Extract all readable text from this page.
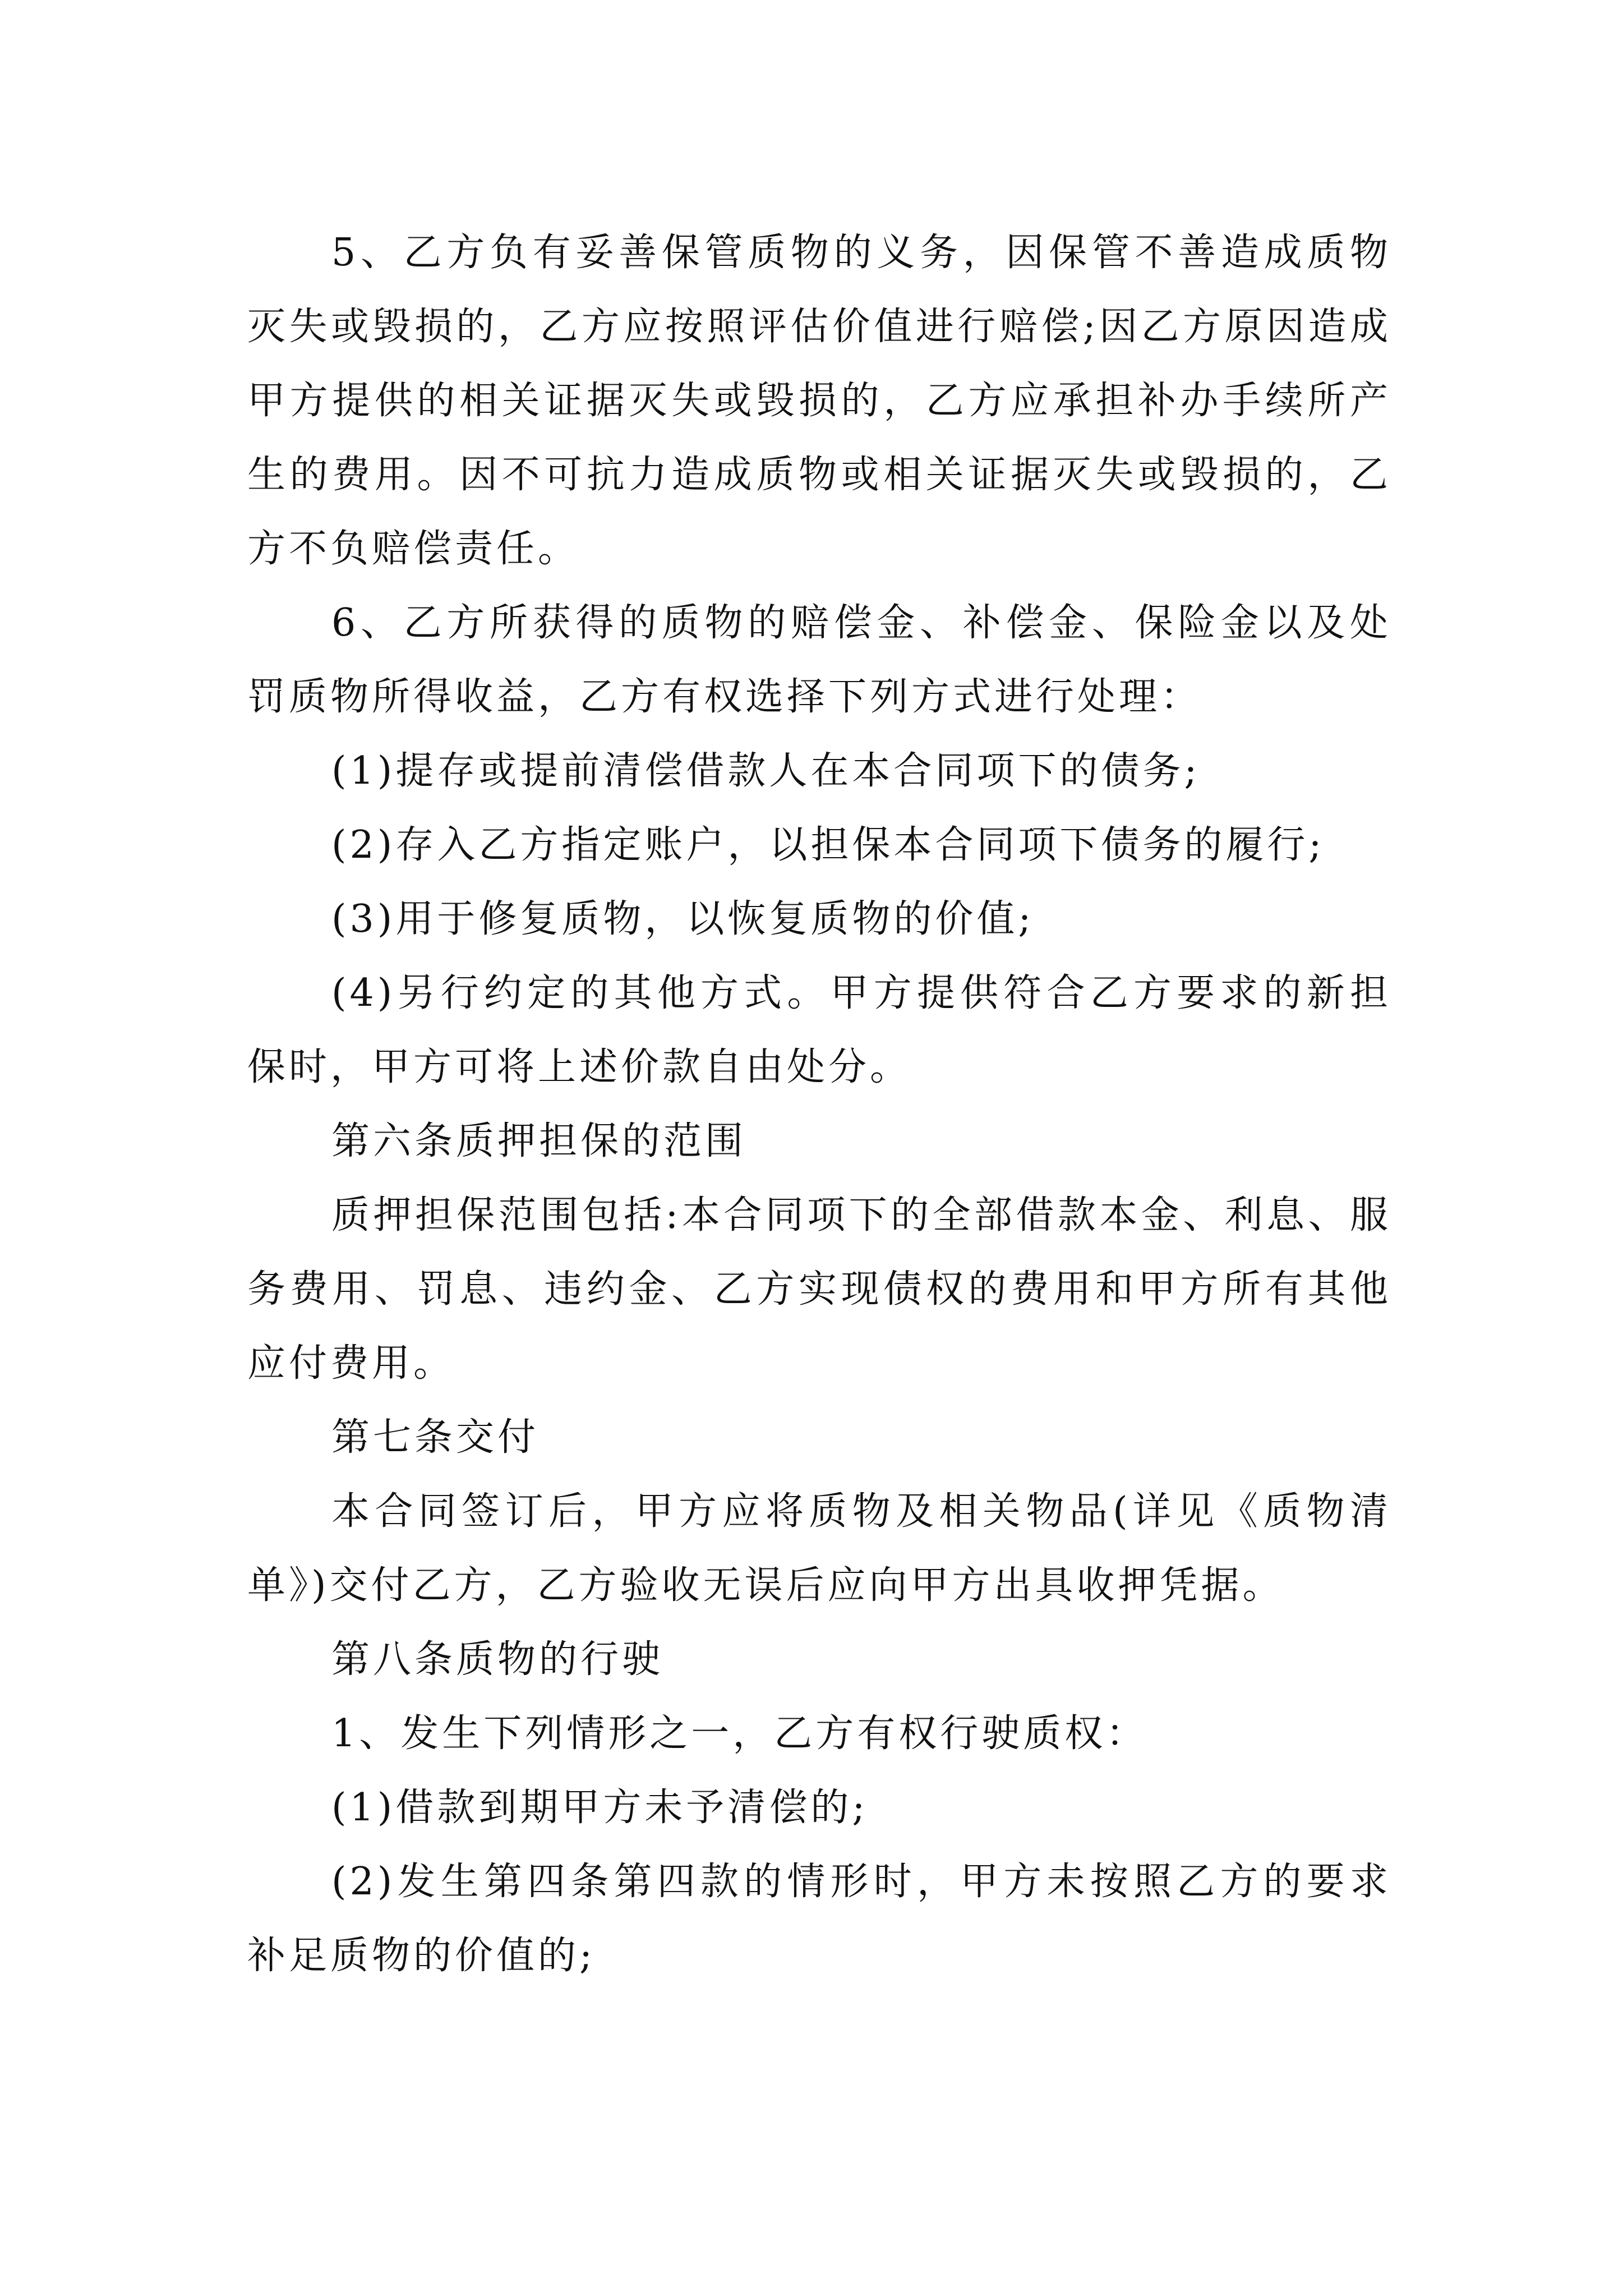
5、乙方负有妥善保管质物的义务，因保管不善造成质物灭失或毁损的，乙方应按照评估价值进行赔偿;因乙方原因造成甲方提供的相关证据灭失或毁损的，乙方应承担补办手续所产生的费用。因不可抗力造成质物或相关证据灭失或毁损的，乙方不负赔偿责任。

6、乙方所获得的质物的赔偿金、补偿金、保险金以及处罚质物所得收益，乙方有权选择下列方式进行处理：

(1)提存或提前清偿借款人在本合同项下的债务;

(2)存入乙方指定账户，以担保本合同项下债务的履行;

(3)用于修复质物，以恢复质物的价值;

(4)另行约定的其他方式。甲方提供符合乙方要求的新担保时，甲方可将上述价款自由处分。

第六条质押担保的范围

质押担保范围包括:本合同项下的全部借款本金、利息、服务费用、罚息、违约金、乙方实现债权的费用和甲方所有其他应付费用。

第七条交付

本合同签订后，甲方应将质物及相关物品(详见《质物清单》)交付乙方，乙方验收无误后应向甲方出具收押凭据。

第八条质物的行驶

1、发生下列情形之一，乙方有权行驶质权：

(1)借款到期甲方未予清偿的;

(2)发生第四条第四款的情形时，甲方未按照乙方的要求补足质物的价值的;
